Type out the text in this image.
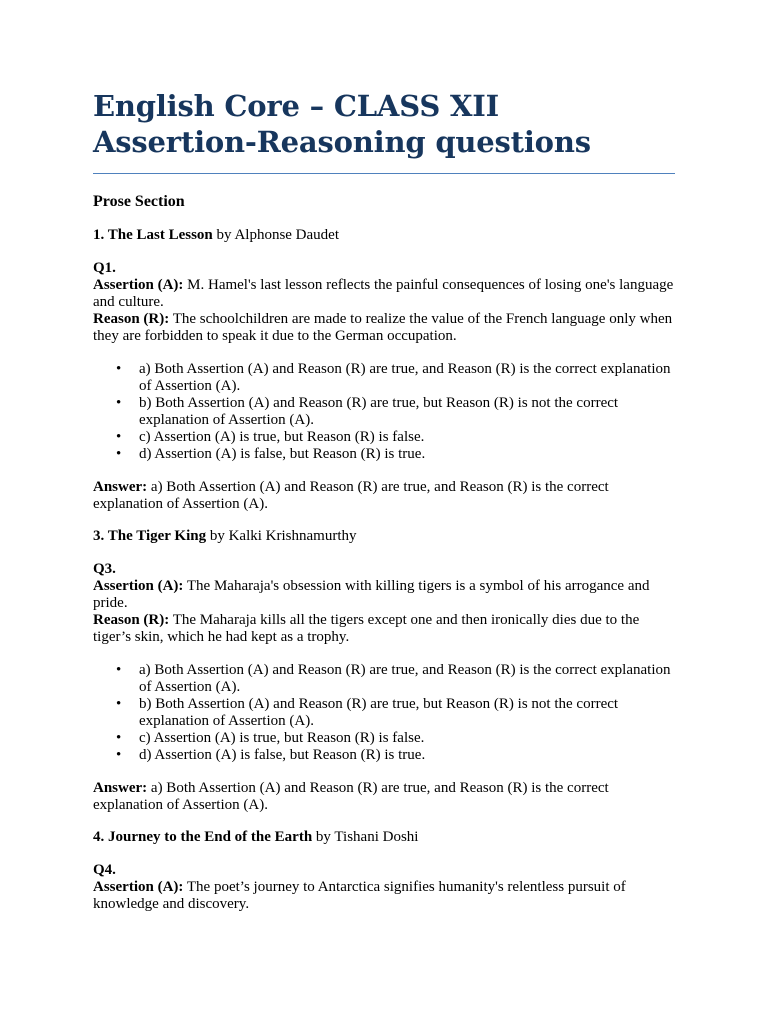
English Core – CLASS XII
Assertion-Reasoning questions
Prose Section

1. The Last Lesson by Alphonse Daudet

Q1.

Assertion (A): M. Hamel's last lesson reflects the painful consequences of losing one's language and culture.

Reason (R): The schoolchildren are made to realize the value of the French language only when they are forbidden to speak it due to the German occupation.

• a) Both Assertion (A) and Reason (R) are true, and Reason (R) is the correct explanation of Assertion (A).
• b) Both Assertion (A) and Reason (R) are true, but Reason (R) is not the correct explanation of Assertion (A).
• c) Assertion (A) is true, but Reason (R) is false.
• d) Assertion (A) is false, but Reason (R) is true.

Answer: a) Both Assertion (A) and Reason (R) are true, and Reason (R) is the correct explanation of Assertion (A).

3. The Tiger King by Kalki Krishnamurthy

Q3.

Assertion (A): The Maharaja's obsession with killing tigers is a symbol of his arrogance and pride.

Reason (R): The Maharaja kills all the tigers except one and then ironically dies due to the tiger’s skin, which he had kept as a trophy.

• a) Both Assertion (A) and Reason (R) are true, and Reason (R) is the correct explanation of Assertion (A).
• b) Both Assertion (A) and Reason (R) are true, but Reason (R) is not the correct explanation of Assertion (A).
• c) Assertion (A) is true, but Reason (R) is false.
• d) Assertion (A) is false, but Reason (R) is true.

Answer: a) Both Assertion (A) and Reason (R) are true, and Reason (R) is the correct explanation of Assertion (A).

4. Journey to the End of the Earth by Tishani Doshi

Q4.

Assertion (A): The poet’s journey to Antarctica signifies humanity's relentless pursuit of knowledge and discovery.
